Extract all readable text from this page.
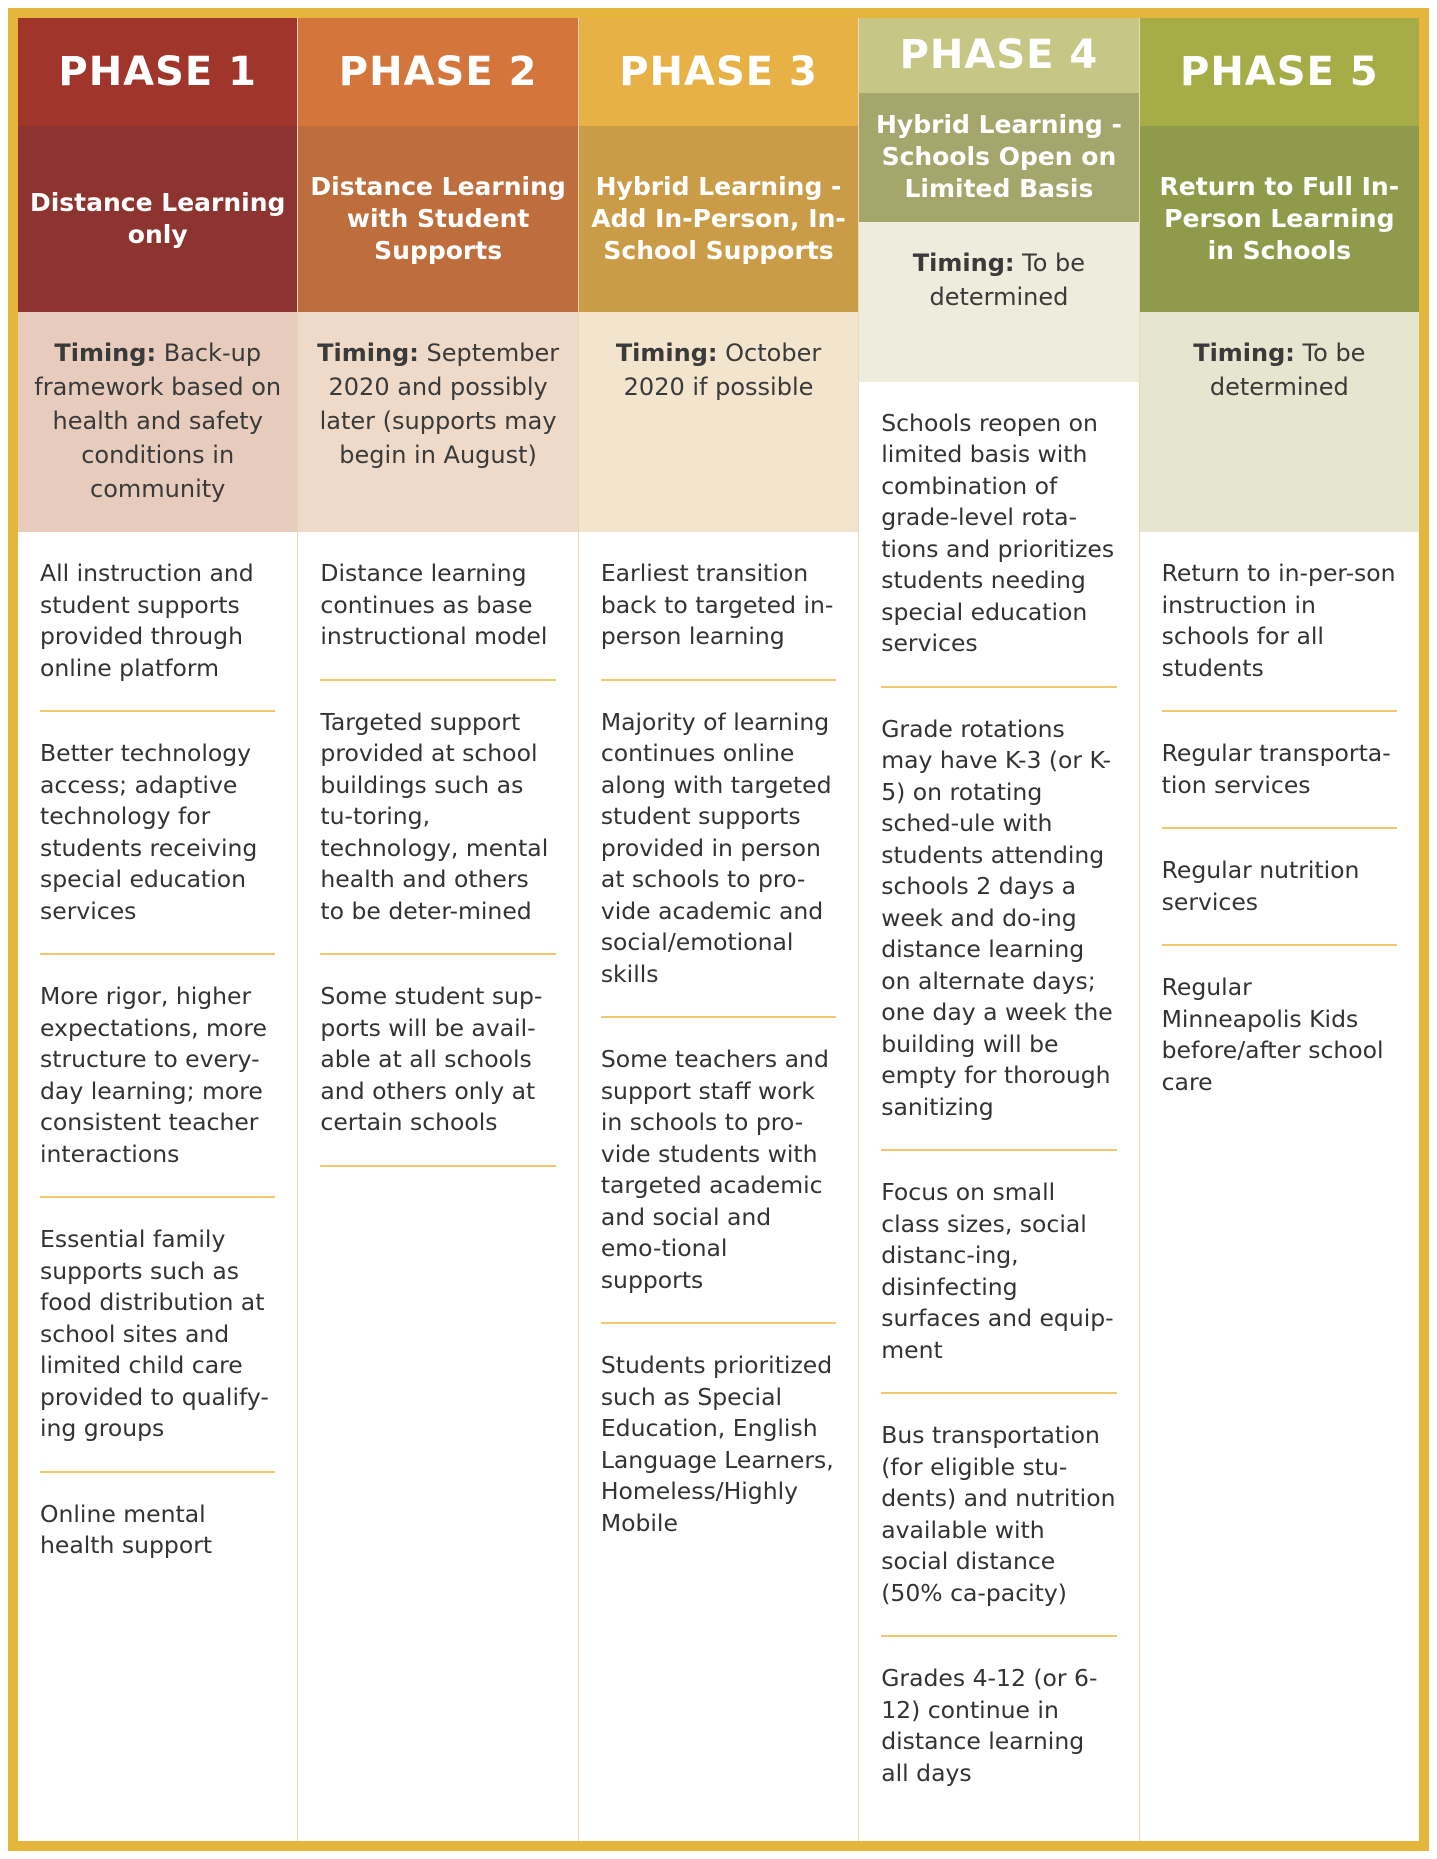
PHASE 1
Distance Learning only
Timing: Back-up framework based on health and safety conditions in community
All instruction and student supports provided through online platform
Better technology access; adaptive technology for students receiving special education services
More rigor, higher expectations, more structure to every-day learning; more consistent teacher interactions
Essential family supports such as food distribution at school sites and limited child care provided to qualify-ing groups
Online mental health support
PHASE 2
Distance Learning with Student Supports
Timing: September 2020 and possibly later (supports may begin in August)
Distance learning continues as base instructional model
Targeted support provided at school buildings such as tu-toring, technology, mental health and others to be deter-mined
Some student sup-ports will be avail-able at all schools and others only at certain schools
PHASE 3
Hybrid Learning - Add In-Person, In-School Supports
Timing: October 2020 if possible
Earliest transition back to targeted in-person learning
Majority of learning continues online along with targeted student supports provided in person at schools to pro-vide academic and social/emotional skills
Some teachers and support staff work in schools to pro-vide students with targeted academic and social and emo-tional supports
Students prioritized such as Special Education, English Language Learners, Homeless/Highly Mobile
PHASE 4
Hybrid Learning - Schools Open on Limited Basis
Timing: To be determined
Schools reopen on limited basis with combination of grade-level rota-tions and prioritizes students needing special education services
Grade rotations may have K-3 (or K-5) on rotating sched-ule with students attending schools 2 days a week and do-ing distance learning on alternate days; one day a week the building will be empty for thorough sanitizing
Focus on small class sizes, social distanc-ing, disinfecting surfaces and equip-ment
Bus transportation (for eligible stu-dents) and nutrition available with social distance (50% ca-pacity)
Grades 4-12 (or 6-12) continue in distance learning all days
PHASE 5
Return to Full In-Person Learning in Schools
Timing: To be determined
Return to in-per-son instruction in schools for all students
Regular transporta-tion services
Regular nutrition services
Regular Minneapolis Kids before/after school care
